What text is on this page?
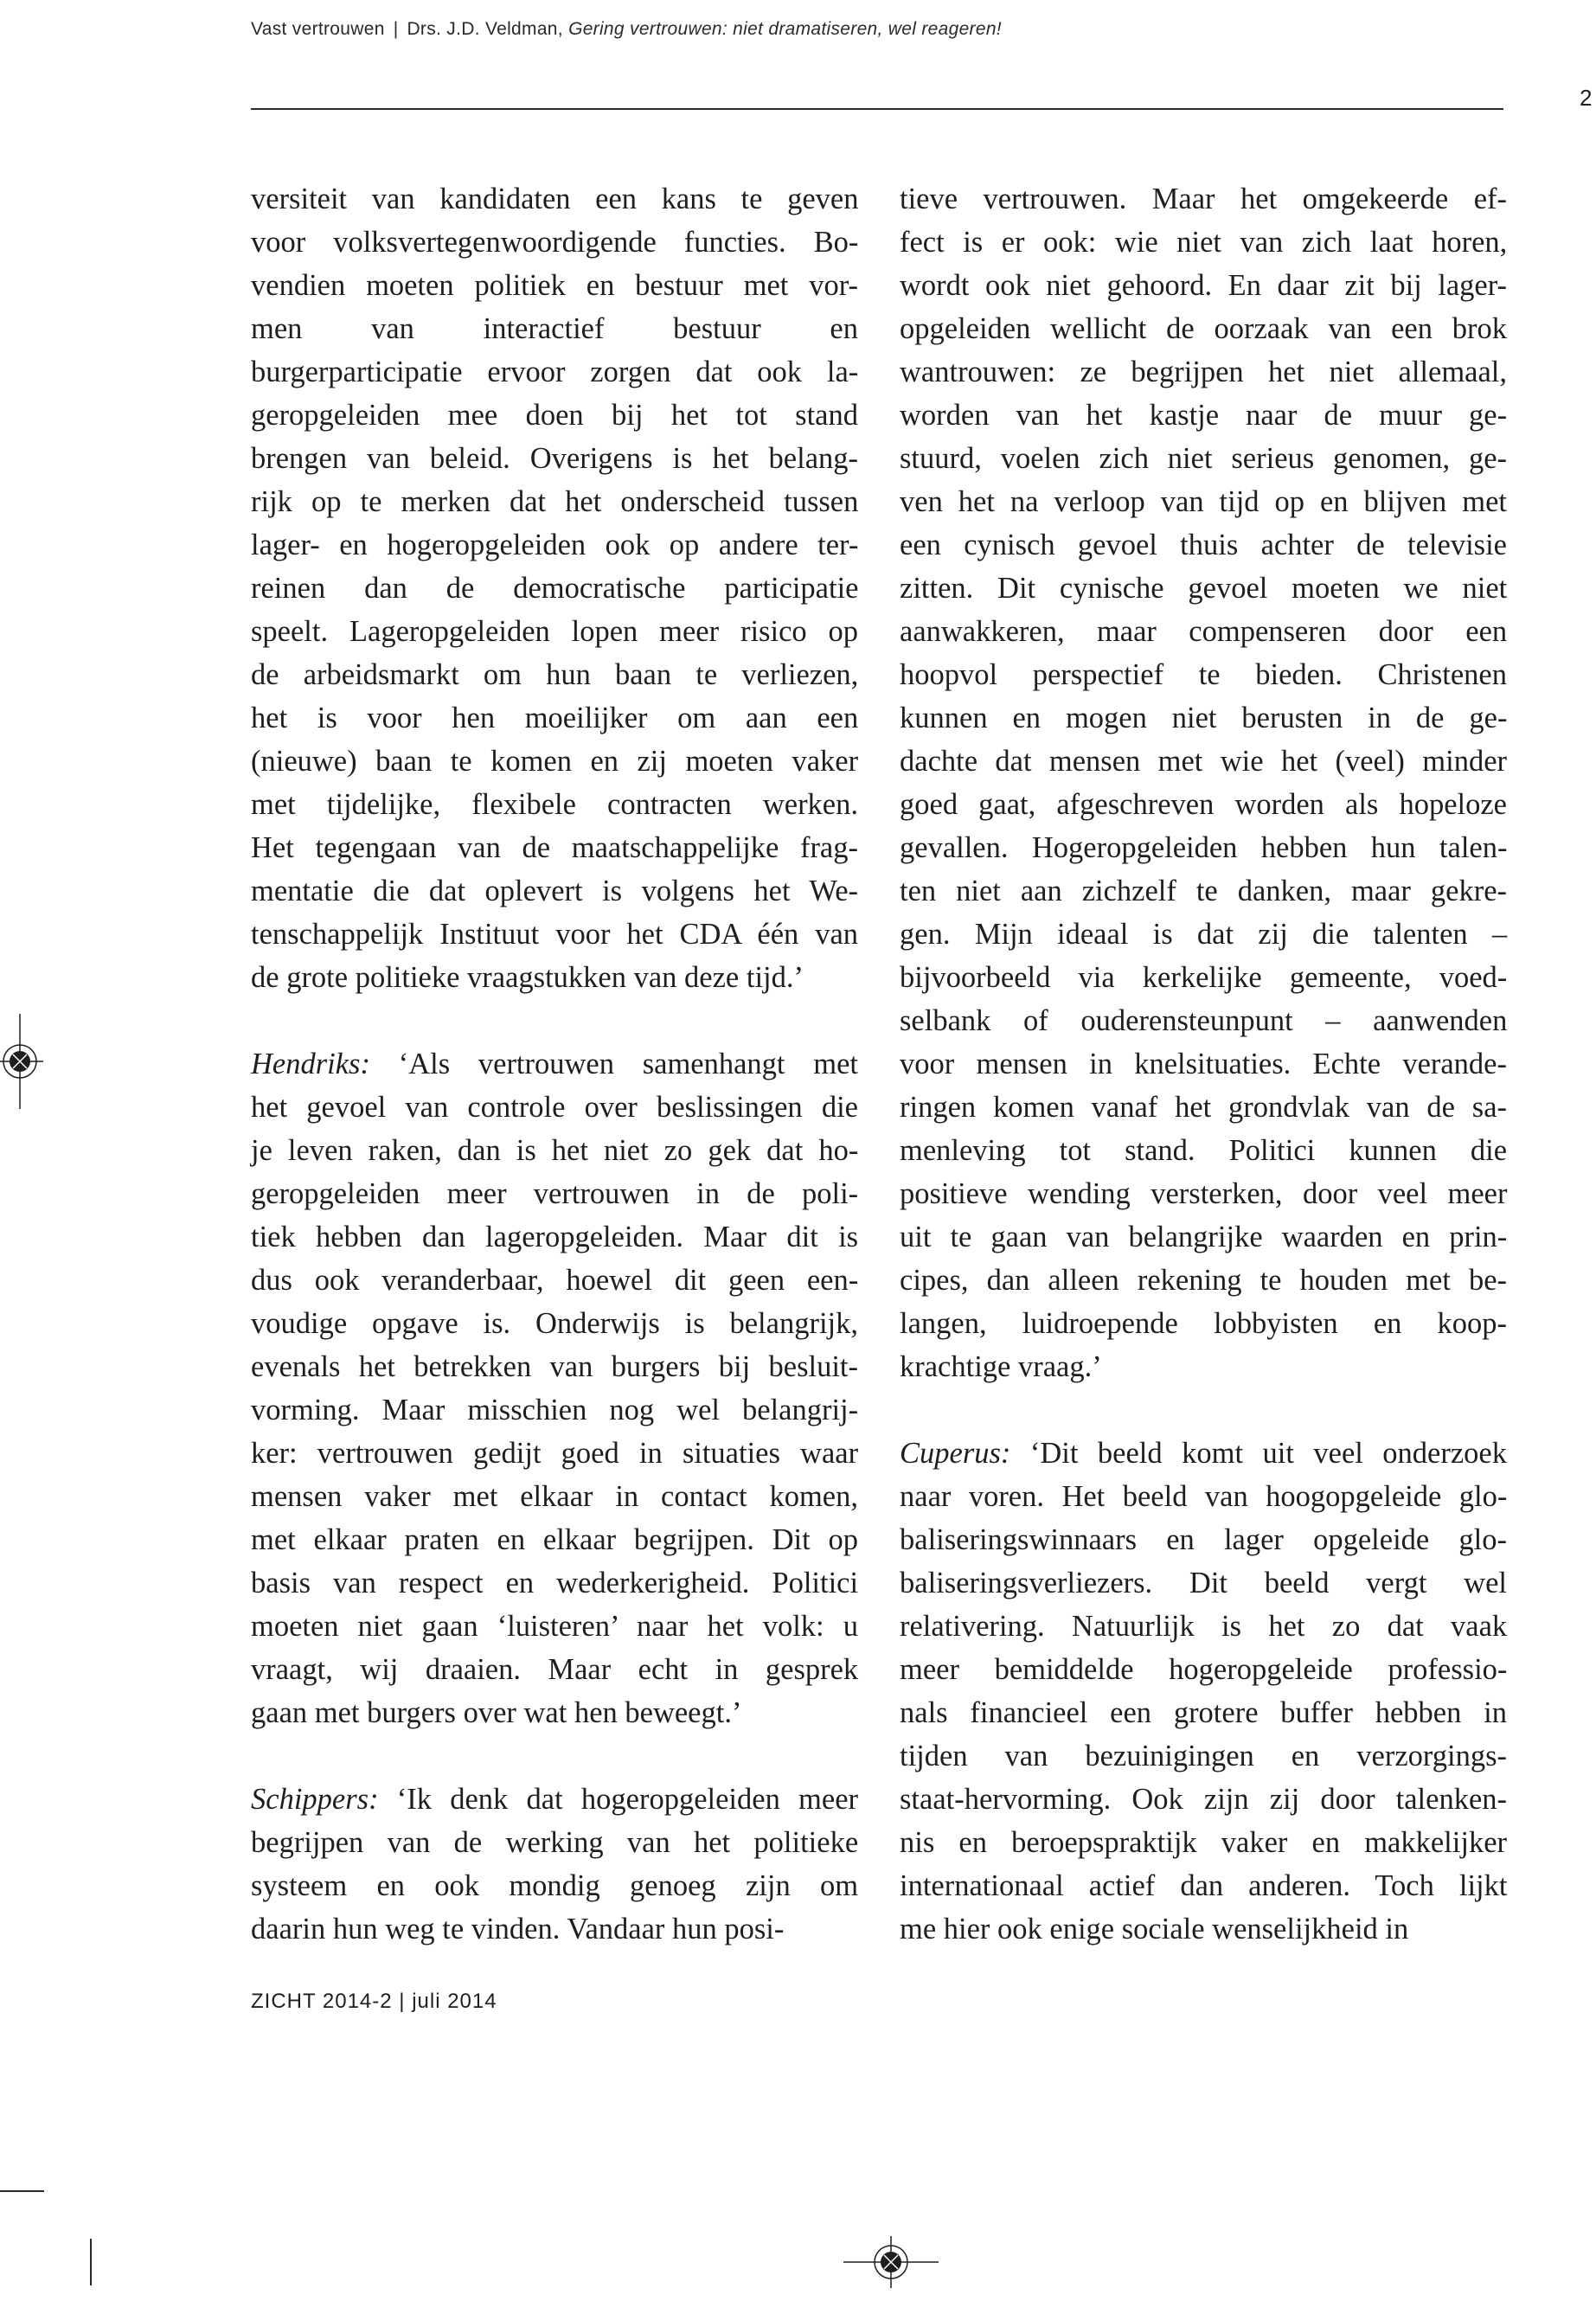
Vast vertrouwen | Drs. J.D. Veldman, Gering vertrouwen: niet dramatiseren, wel reageren!
2
versiteit van kandidaten een kans te geven
voor volksvertegenwoordigende functies. Bo-
vendien moeten politiek en bestuur met vor-
men van interactief bestuur en
burgerparticipatie ervoor zorgen dat ook la-
geropgeleiden mee doen bij het tot stand
brengen van beleid. Overigens is het belang-
rijk op te merken dat het onderscheid tussen
lager- en hogeropgeleiden ook op andere ter-
reinen dan de democratische participatie
speelt. Lageropgeleiden lopen meer risico op
de arbeidsmarkt om hun baan te verliezen,
het is voor hen moeilijker om aan een
(nieuwe) baan te komen en zij moeten vaker
met tijdelijke, flexibele contracten werken.
Het tegengaan van de maatschappelijke frag-
mentatie die dat oplevert is volgens het We-
tenschappelijk Instituut voor het CDA één van
de grote politieke vraagstukken van deze tijd.’
Hendriks: ‘Als vertrouwen samenhangt met
het gevoel van controle over beslissingen die
je leven raken, dan is het niet zo gek dat ho-
geropgeleiden meer vertrouwen in de poli-
tiek hebben dan lageropgeleiden. Maar dit is
dus ook veranderbaar, hoewel dit geen een-
voudige opgave is. Onderwijs is belangrijk,
evenals het betrekken van burgers bij besluit-
vorming. Maar misschien nog wel belangrij-
ker: vertrouwen gedijt goed in situaties waar
mensen vaker met elkaar in contact komen,
met elkaar praten en elkaar begrijpen. Dit op
basis van respect en wederkerigheid. Politici
moeten niet gaan ‘luisteren’ naar het volk: u
vraagt, wij draaien. Maar echt in gesprek
gaan met burgers over wat hen beweegt.’
Schippers: ‘Ik denk dat hogeropgeleiden meer
begrijpen van de werking van het politieke
systeem en ook mondig genoeg zijn om
daarin hun weg te vinden. Vandaar hun posi-
tieve vertrouwen. Maar het omgekeerde ef-
fect is er ook: wie niet van zich laat horen,
wordt ook niet gehoord. En daar zit bij lager-
opgeleiden wellicht de oorzaak van een brok
wantrouwen: ze begrijpen het niet allemaal,
worden van het kastje naar de muur ge-
stuurd, voelen zich niet serieus genomen, ge-
ven het na verloop van tijd op en blijven met
een cynisch gevoel thuis achter de televisie
zitten. Dit cynische gevoel moeten we niet
aanwakkeren, maar compenseren door een
hoopvol perspectief te bieden. Christenen
kunnen en mogen niet berusten in de ge-
dachte dat mensen met wie het (veel) minder
goed gaat, afgeschreven worden als hopeloze
gevallen. Hogeropgeleiden hebben hun talen-
ten niet aan zichzelf te danken, maar gekre-
gen. Mijn ideaal is dat zij die talenten –
bijvoorbeeld via kerkelijke gemeente, voed-
selbank of ouderensteunpunt – aanwenden
voor mensen in knelsituaties. Echte verande-
ringen komen vanaf het grondvlak van de sa-
menleving tot stand. Politici kunnen die
positieve wending versterken, door veel meer
uit te gaan van belangrijke waarden en prin-
cipes, dan alleen rekening te houden met be-
langen, luidroepende lobbyisten en koop-
krachtige vraag.’
Cuperus: ‘Dit beeld komt uit veel onderzoek
naar voren. Het beeld van hoogopgeleide glo-
baliseringswinnaars en lager opgeleide glo-
baliseringsverliezers. Dit beeld vergt wel
relativering. Natuurlijk is het zo dat vaak
meer bemiddelde hogeropgeleide professio-
nals financieel een grotere buffer hebben in
tijden van bezuinigingen en verzorgings-
staat-hervorming. Ook zijn zij door talenken-
nis en beroepspraktijk vaker en makkelijker
internationaal actief dan anderen. Toch lijkt
me hier ook enige sociale wenselijkheid in
ZICHT 2014-2 | juli 2014
